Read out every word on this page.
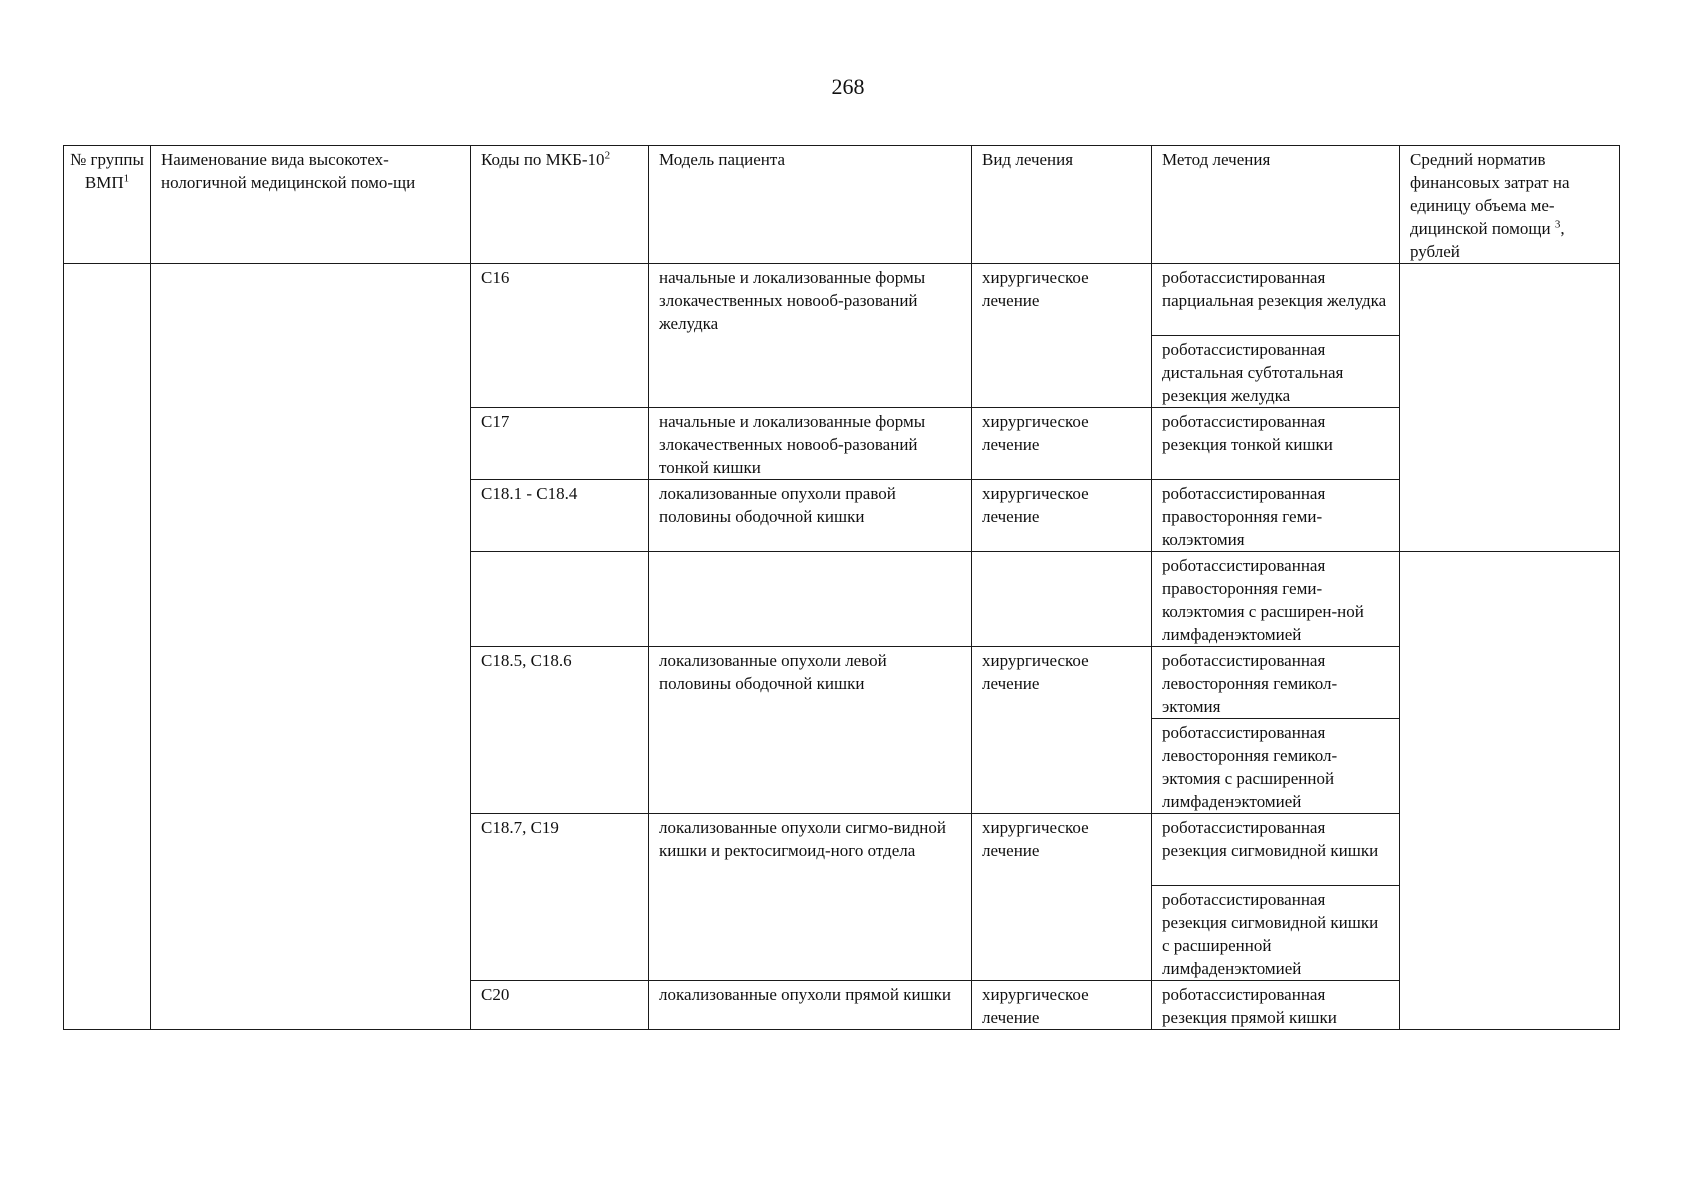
268
№ группы ВМП$^1$	Наименование вида высокотех-нологичной медицинской помо-щи	Коды по МКБ-$10^2$	Модель пациента	Вид лечения	Метод лечения	Средний норматив финансовых затрат на единицу объема ме-дицинской помощи $^3$, рублей
		C16	начальные и локализованные формы злокачественных новооб-разований желудка	хирургическое лечение	роботассистированная парциальная резекция желудка	
					роботассистированная дистальная субтотальная резекция желудка	
		C17	начальные и локализованные формы злокачественных новооб-разований тонкой кишки	хирургическое лечение	роботассистированная резекция тонкой кишки	
		C18.1 - C18.4	локализованные опухоли правой половины ободочной кишки	хирургическое лечение	роботассистированная правосторонняя геми-колэктомия	
					роботассистированная правосторонняя геми-колэктомия с расширен-ной лимфаденэктомией	
		C18.5, C18.6	локализованные опухоли левой половины ободочной кишки	хирургическое лечение	роботассистированная левосторонняя гемикол-эктомия	
					роботассистированная левосторонняя гемикол-эктомия с расширенной лимфаденэктомией	
		C18.7, C19	локализованные опухоли сигмо-видной кишки и ректосигмоид-ного отдела	хирургическое лечение	роботассистированная резекция сигмовидной кишки	
					роботассистированная резекция сигмовидной кишки с расширенной лимфаденэктомией	
		C20	локализованные опухоли прямой кишки	хирургическое лечение	роботассистированная резекция прямой кишки	
